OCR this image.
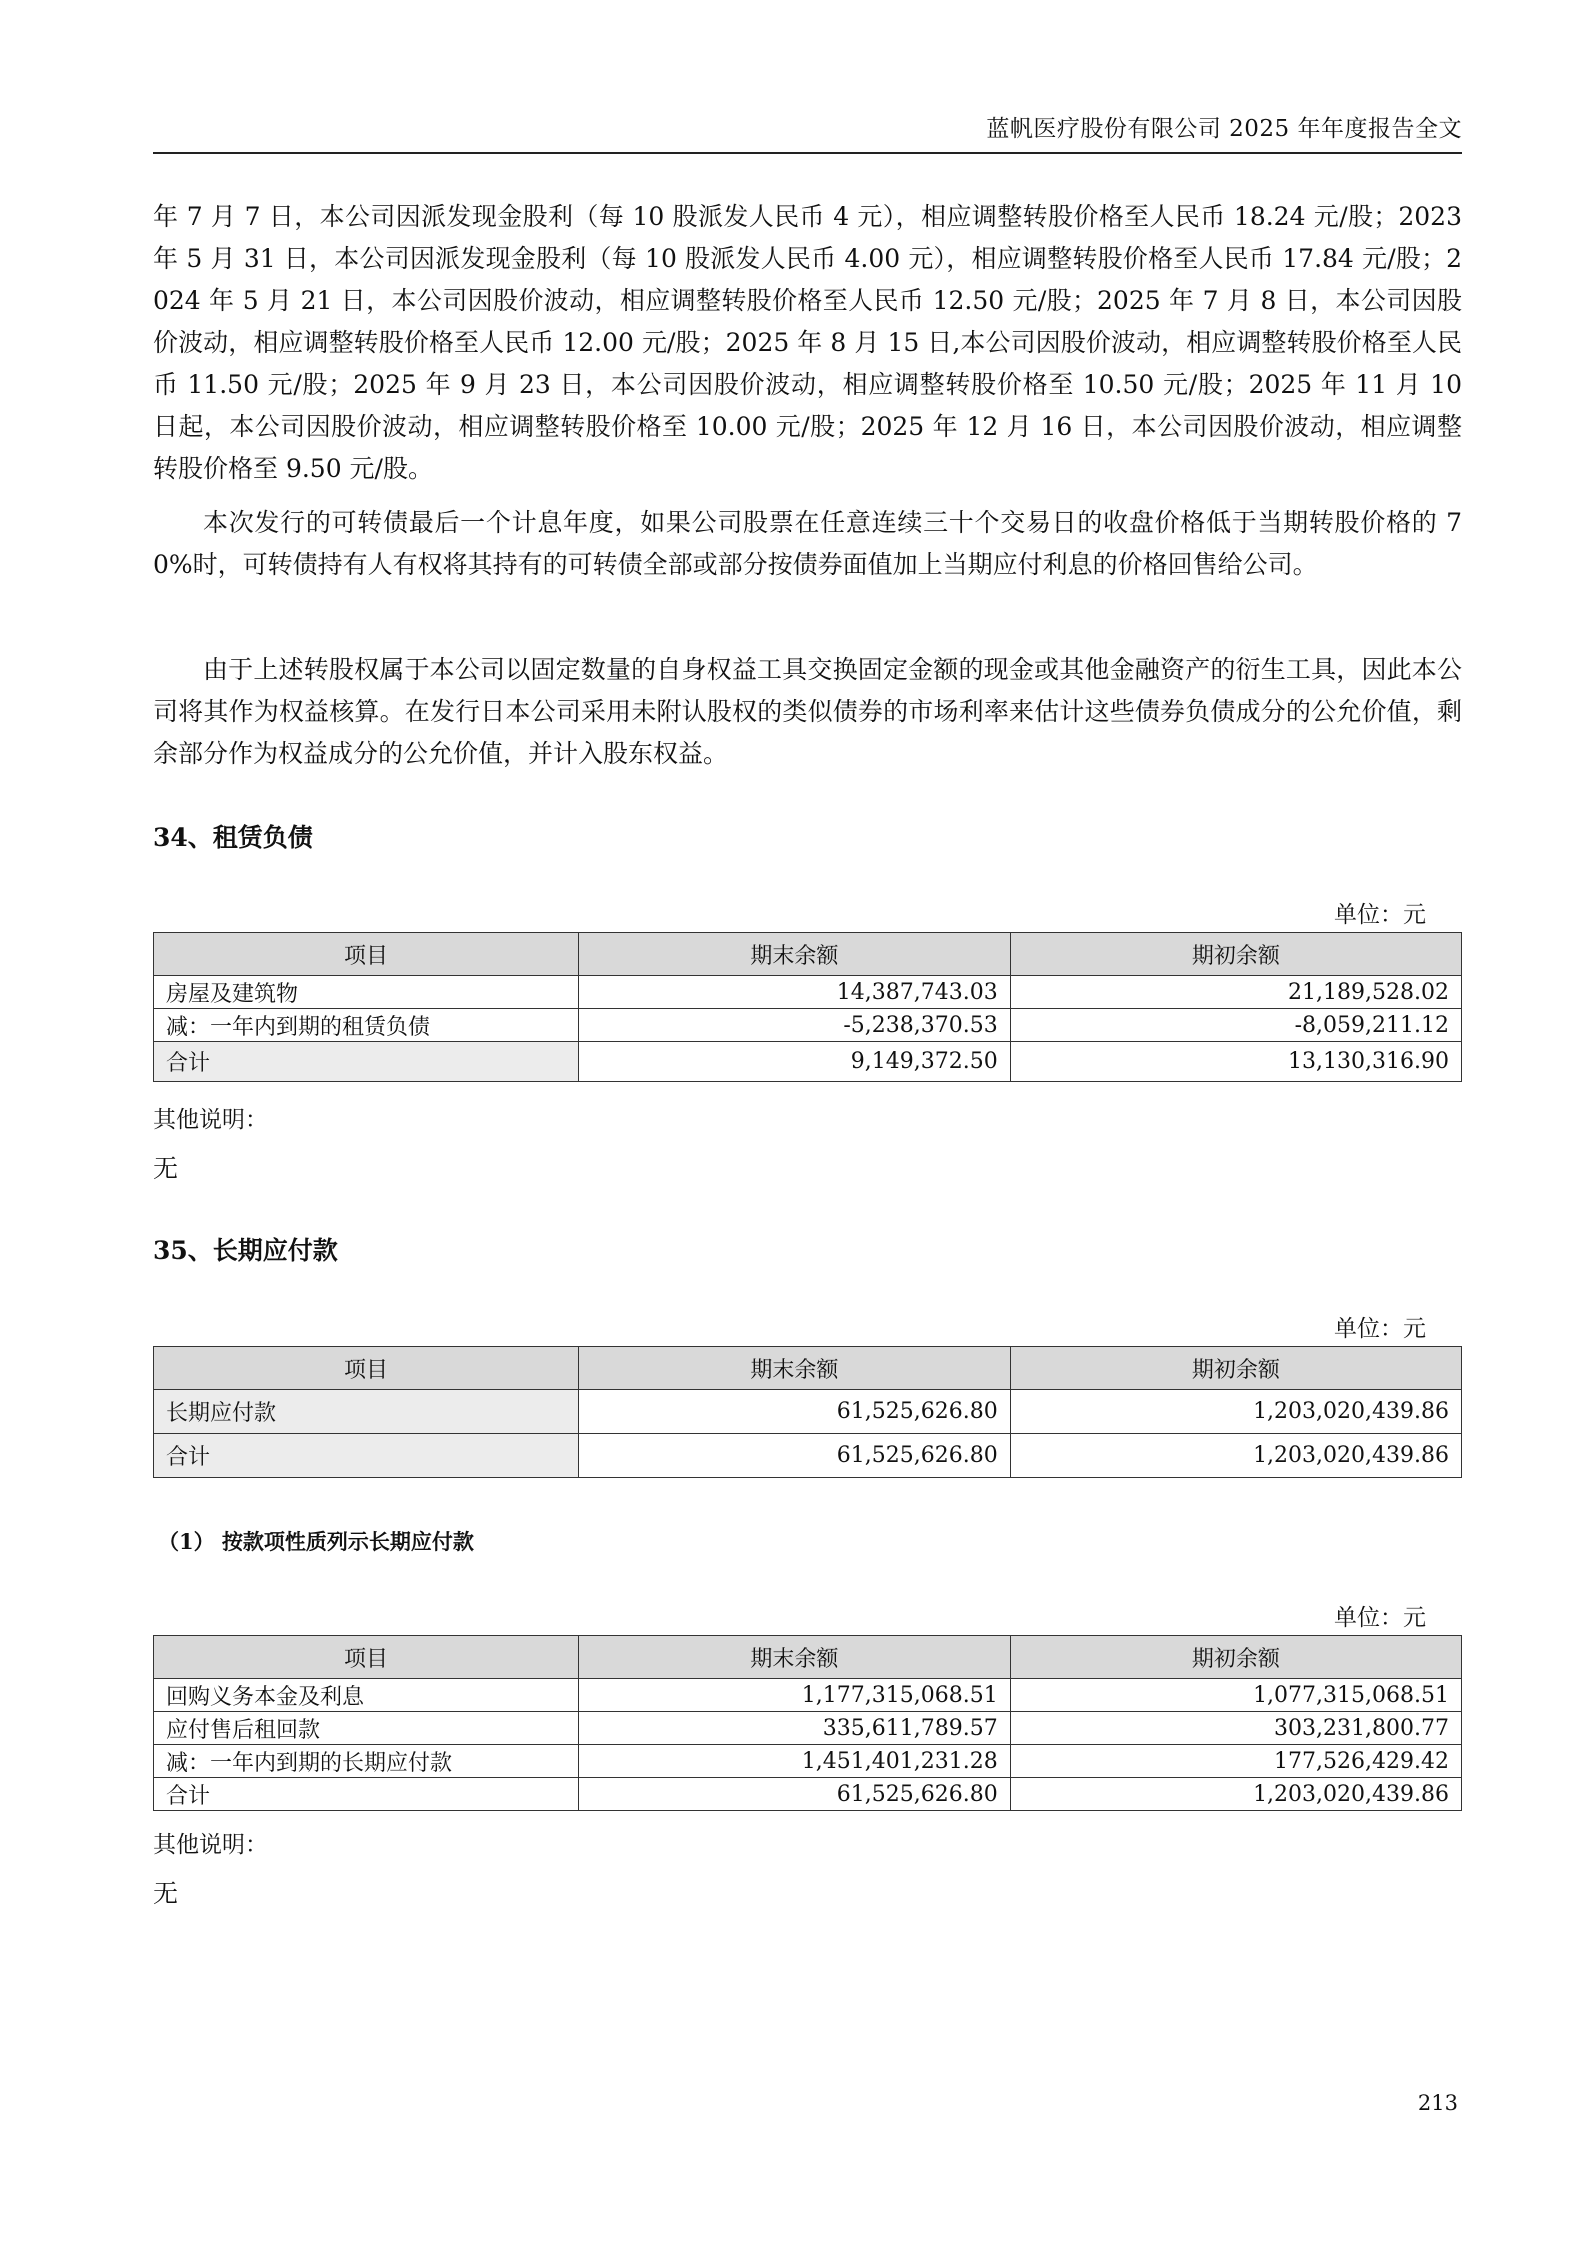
蓝帆医疗股份有限公司 2025 年年度报告全文

年 7 月 7 日，本公司因派发现金股利（每 10 股派发人民币 4 元），相应调整转股价格至人民币 18.24 元/股；2023 年 5 月 31 日，本公司因派发现金股利（每 10 股派发人民币 4.00 元），相应调整转股价格至人民币 17.84 元/股；2024 年 5 月 21 日，本公司因股价波动，相应调整转股价格至人民币 12.50 元/股；2025 年 7 月 8 日，本公司因股价波动，相应调整转股价格至人民币 12.00 元/股；2025 年 8 月 15 日,本公司因股价波动，相应调整转股价格至人民币 11.50 元/股；2025 年 9 月 23 日，本公司因股价波动，相应调整转股价格至 10.50 元/股；2025 年 11 月 10 日起，本公司因股价波动，相应调整转股价格至 10.00 元/股；2025 年 12 月 16 日，本公司因股价波动，相应调整转股价格至 9.50 元/股。

本次发行的可转债最后一个计息年度，如果公司股票在任意连续三十个交易日的收盘价格低于当期转股价格的 70%时，可转债持有人有权将其持有的可转债全部或部分按债券面值加上当期应付利息的价格回售给公司。

由于上述转股权属于本公司以固定数量的自身权益工具交换固定金额的现金或其他金融资产的衍生工具，因此本公司将其作为权益核算。在发行日本公司采用未附认股权的类似债券的市场利率来估计这些债券负债成分的公允价值，剩余部分作为权益成分的公允价值，并计入股东权益。

34、租赁负债
单位：元
项目	期末余额	期初余额
房屋及建筑物	14,387,743.03	21,189,528.02
减：一年内到期的租赁负债	-5,238,370.53	-8,059,211.12
合计	9,149,372.50	13,130,316.90
其他说明：
无
35、长期应付款
单位：元
项目	期末余额	期初余额
长期应付款	61,525,626.80	1,203,020,439.86
合计	61,525,626.80	1,203,020,439.86
（1） 按款项性质列示长期应付款
单位：元
项目	期末余额	期初余额
回购义务本金及利息	1,177,315,068.51	1,077,315,068.51
应付售后租回款	335,611,789.57	303,231,800.77
减：一年内到期的长期应付款	1,451,401,231.28	177,526,429.42
合计	61,525,626.80	1,203,020,439.86
其他说明：
无
213
